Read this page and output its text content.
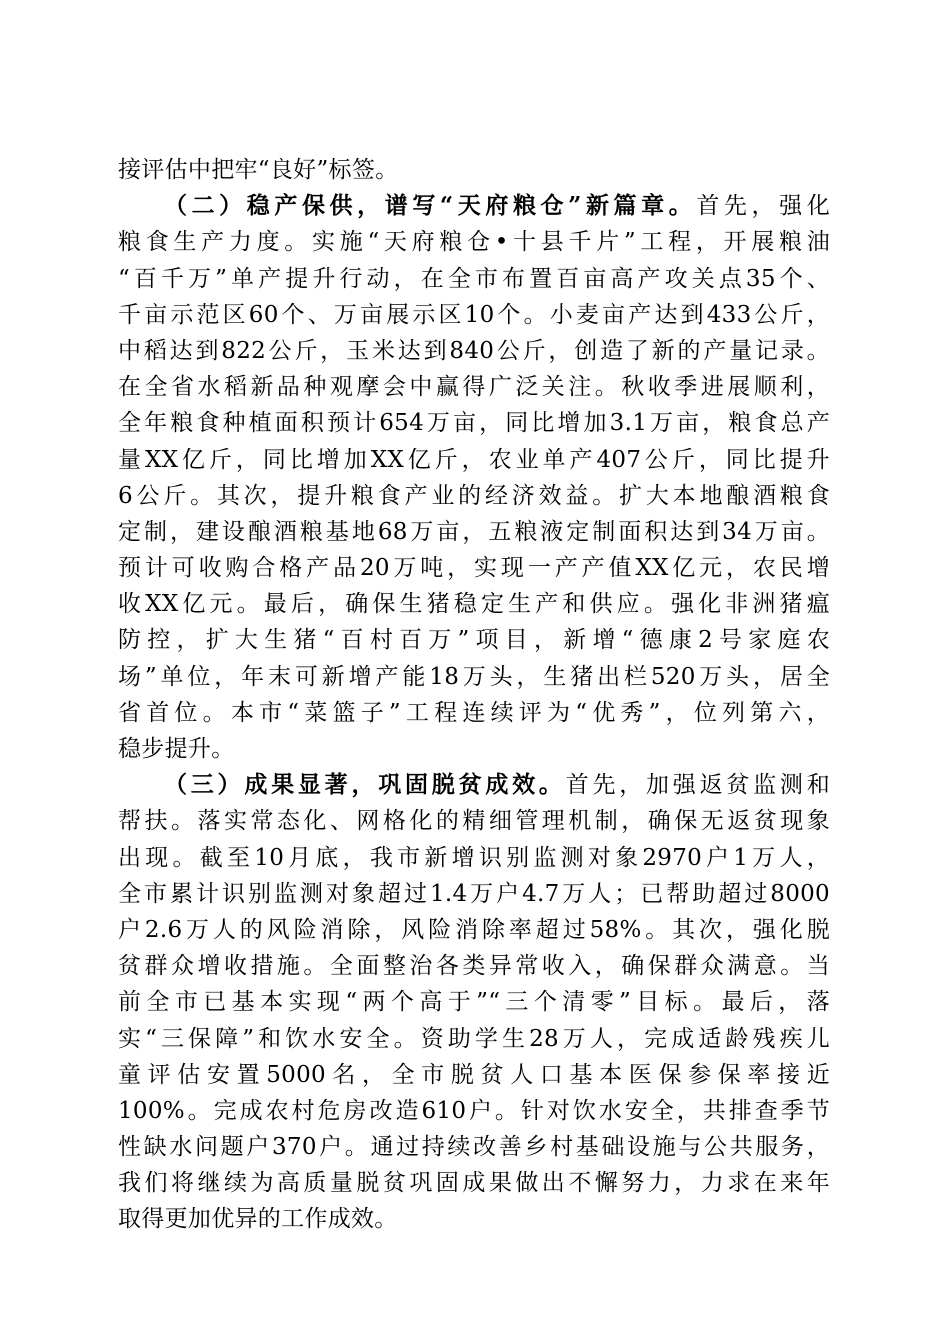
接评估中把牢“良好”标签。
（二）稳产保供，谱写“天府粮仓”新篇章。首先，强化
粮食生产力度。实施“天府粮仓•十县千片”工程，开展粮油
“百千万”单产提升行动，在全市布置百亩高产攻关点35个、
千亩示范区60个、万亩展示区10个。小麦亩产达到433公斤，
中稻达到822公斤，玉米达到840公斤，创造了新的产量记录。
在全省水稻新品种观摩会中赢得广泛关注。秋收季进展顺利，
全年粮食种植面积预计654万亩，同比增加3.1万亩，粮食总产
量XX亿斤，同比增加XX亿斤，农业单产407公斤，同比提升
6公斤。其次，提升粮食产业的经济效益。扩大本地酿酒粮食
定制，建设酿酒粮基地68万亩，五粮液定制面积达到34万亩。
预计可收购合格产品20万吨，实现一产产值XX亿元，农民增
收XX亿元。最后，确保生猪稳定生产和供应。强化非洲猪瘟
防控，扩大生猪“百村百万”项目，新增“德康2号家庭农
场”单位，年末可新增产能18万头，生猪出栏520万头，居全
省首位。本市“菜篮子”工程连续评为“优秀”，位列第六，
稳步提升。
（三）成果显著，巩固脱贫成效。首先，加强返贫监测和
帮扶。落实常态化、网格化的精细管理机制，确保无返贫现象
出现。截至10月底，我市新增识别监测对象2970户1万人，
全市累计识别监测对象超过1.4万户4.7万人；已帮助超过8000
户2.6万人的风险消除，风险消除率超过58%。其次，强化脱
贫群众增收措施。全面整治各类异常收入，确保群众满意。当
前全市已基本实现“两个高于”“三个清零”目标。最后，落
实“三保障”和饮水安全。资助学生28万人，完成适龄残疾儿
童评估安置5000名，全市脱贫人口基本医保参保率接近
100%。完成农村危房改造610户。针对饮水安全，共排查季节
性缺水问题户370户。通过持续改善乡村基础设施与公共服务，
我们将继续为高质量脱贫巩固成果做出不懈努力，力求在来年
取得更加优异的工作成效。
